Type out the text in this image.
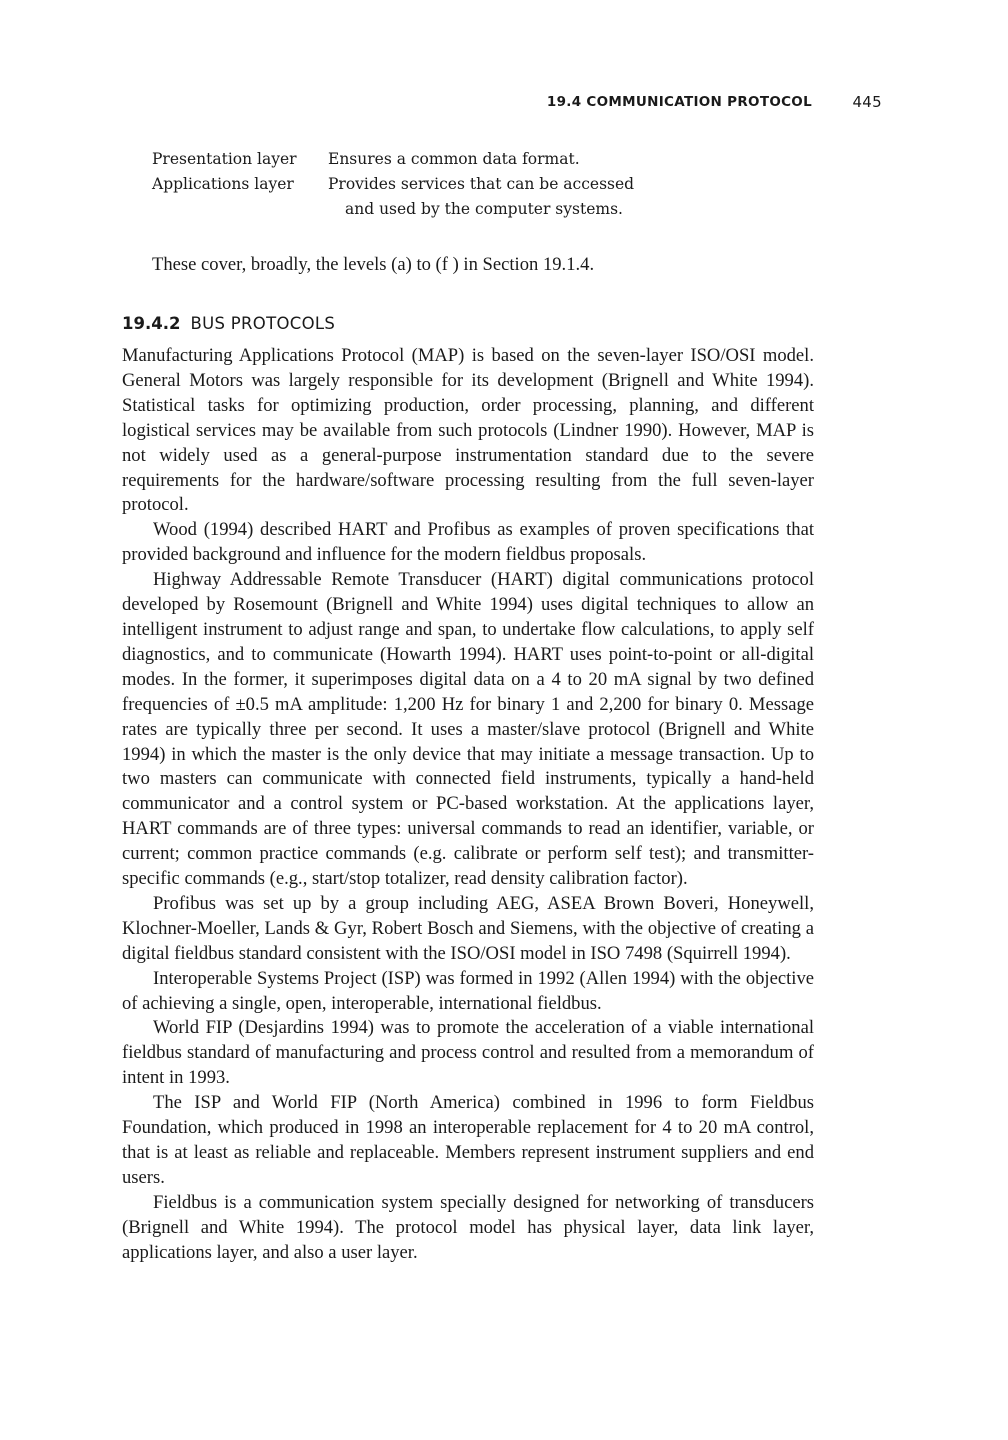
19.4 COMMUNICATION PROTOCOL	445
Presentation layer	Ensures a common data format.
Applications layer	Provides services that can be accessed
and used by the computer systems.

These cover, broadly, the levels (a) to (f ) in Section 19.1.4.

19.4.2 BUS PROTOCOLS

Manufacturing Applications Protocol (MAP) is based on the seven-layer ISO/OSI model. General Motors was largely responsible for its development (Brignell and White 1994). Statistical tasks for optimizing production, order processing, planning, and different logistical services may be available from such protocols (Lindner 1990). However, MAP is not widely used as a general-purpose instrumentation standard due to the severe requirements for the hardware/software processing resulting from the full seven-layer protocol.

Wood (1994) described HART and Profibus as examples of proven specifications that provided background and influence for the modern fieldbus proposals.

Highway Addressable Remote Transducer (HART) digital communications protocol developed by Rosemount (Brignell and White 1994) uses digital techniques to allow an intelligent instrument to adjust range and span, to undertake flow calculations, to apply self diagnostics, and to communicate (Howarth 1994). HART uses point-to-point or all-digital modes. In the former, it superimposes digital data on a 4 to 20 mA signal by two defined frequencies of ±0.5 mA amplitude: 1,200 Hz for binary 1 and 2,200 for binary 0. Message rates are typically three per second. It uses a master/slave protocol (Brignell and White 1994) in which the master is the only device that may initiate a message transaction. Up to two masters can communicate with connected field instruments, typically a hand-held communicator and a control system or PC-based workstation. At the applications layer, HART commands are of three types: universal commands to read an identifier, variable, or current; common practice commands (e.g. calibrate or perform self test); and transmitter-specific commands (e.g., start/stop totalizer, read density calibration factor).

Profibus was set up by a group including AEG, ASEA Brown Boveri, Honeywell, Klochner-Moeller, Lands & Gyr, Robert Bosch and Siemens, with the objective of creating a digital fieldbus standard consistent with the ISO/OSI model in ISO 7498 (Squirrell 1994).

Interoperable Systems Project (ISP) was formed in 1992 (Allen 1994) with the objective of achieving a single, open, interoperable, international fieldbus.

World FIP (Desjardins 1994) was to promote the acceleration of a viable international fieldbus standard of manufacturing and process control and resulted from a memorandum of intent in 1993.

The ISP and World FIP (North America) combined in 1996 to form Fieldbus Foundation, which produced in 1998 an interoperable replacement for 4 to 20 mA control, that is at least as reliable and replaceable. Members represent instrument suppliers and end users.

Fieldbus is a communication system specially designed for networking of transducers (Brignell and White 1994). The protocol model has physical layer, data link layer, applications layer, and also a user layer.
